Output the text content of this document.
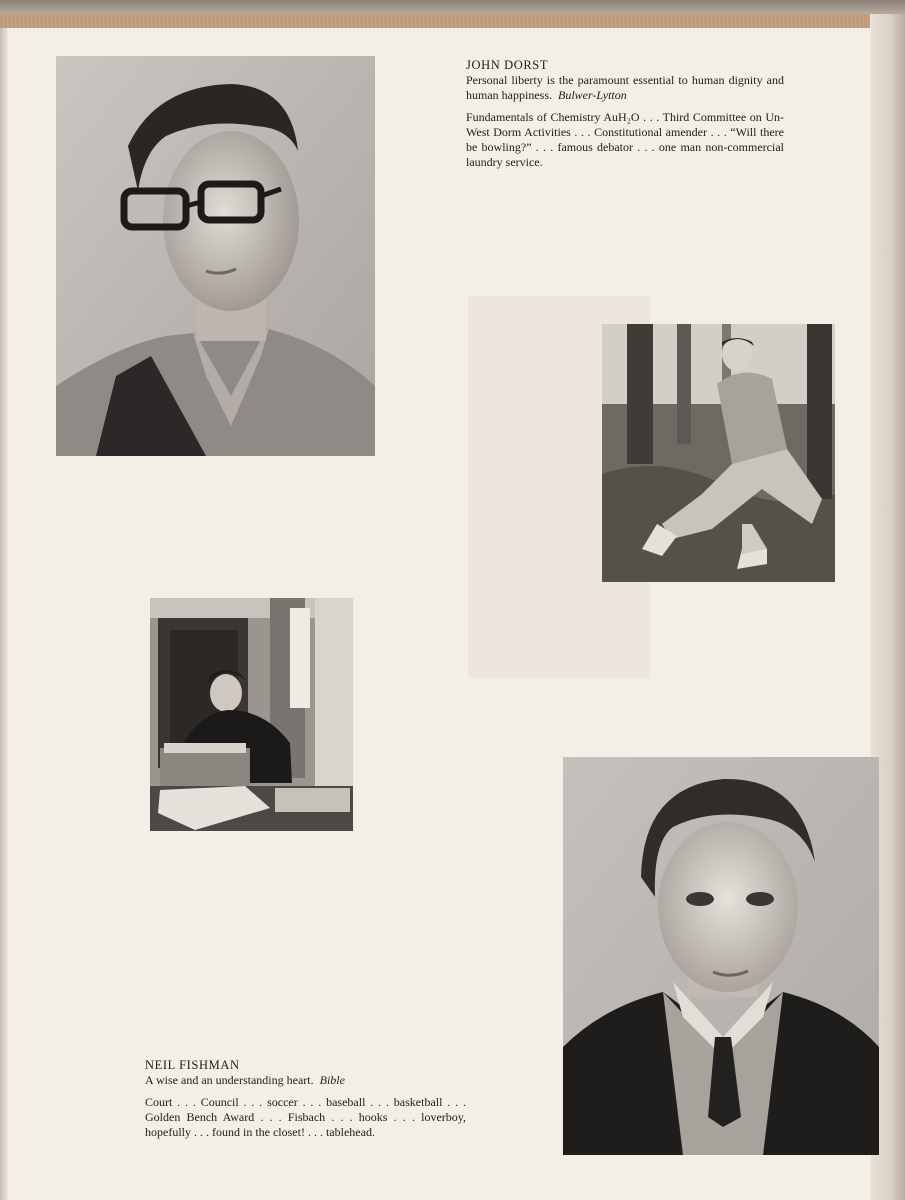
JOHN DORST

Personal liberty is the paramount essential to human dignity and human happiness. Bulwer-Lytton

Fundamentals of Chemistry AuH₂O . . . Third Committee on Un-West Dorm Activities . . . Constitutional amender . . . “Will there be bowling?” . . . famous debator . . . one man non-commercial laundry service.

NEIL FISHMAN

A wise and an understanding heart. Bible

Court . . . Council . . . soccer . . . baseball . . . basketball . . . Golden Bench Award . . . Fisbach . . . hooks . . . loverboy, hopefully . . . found in the closet! . . . tablehead.
